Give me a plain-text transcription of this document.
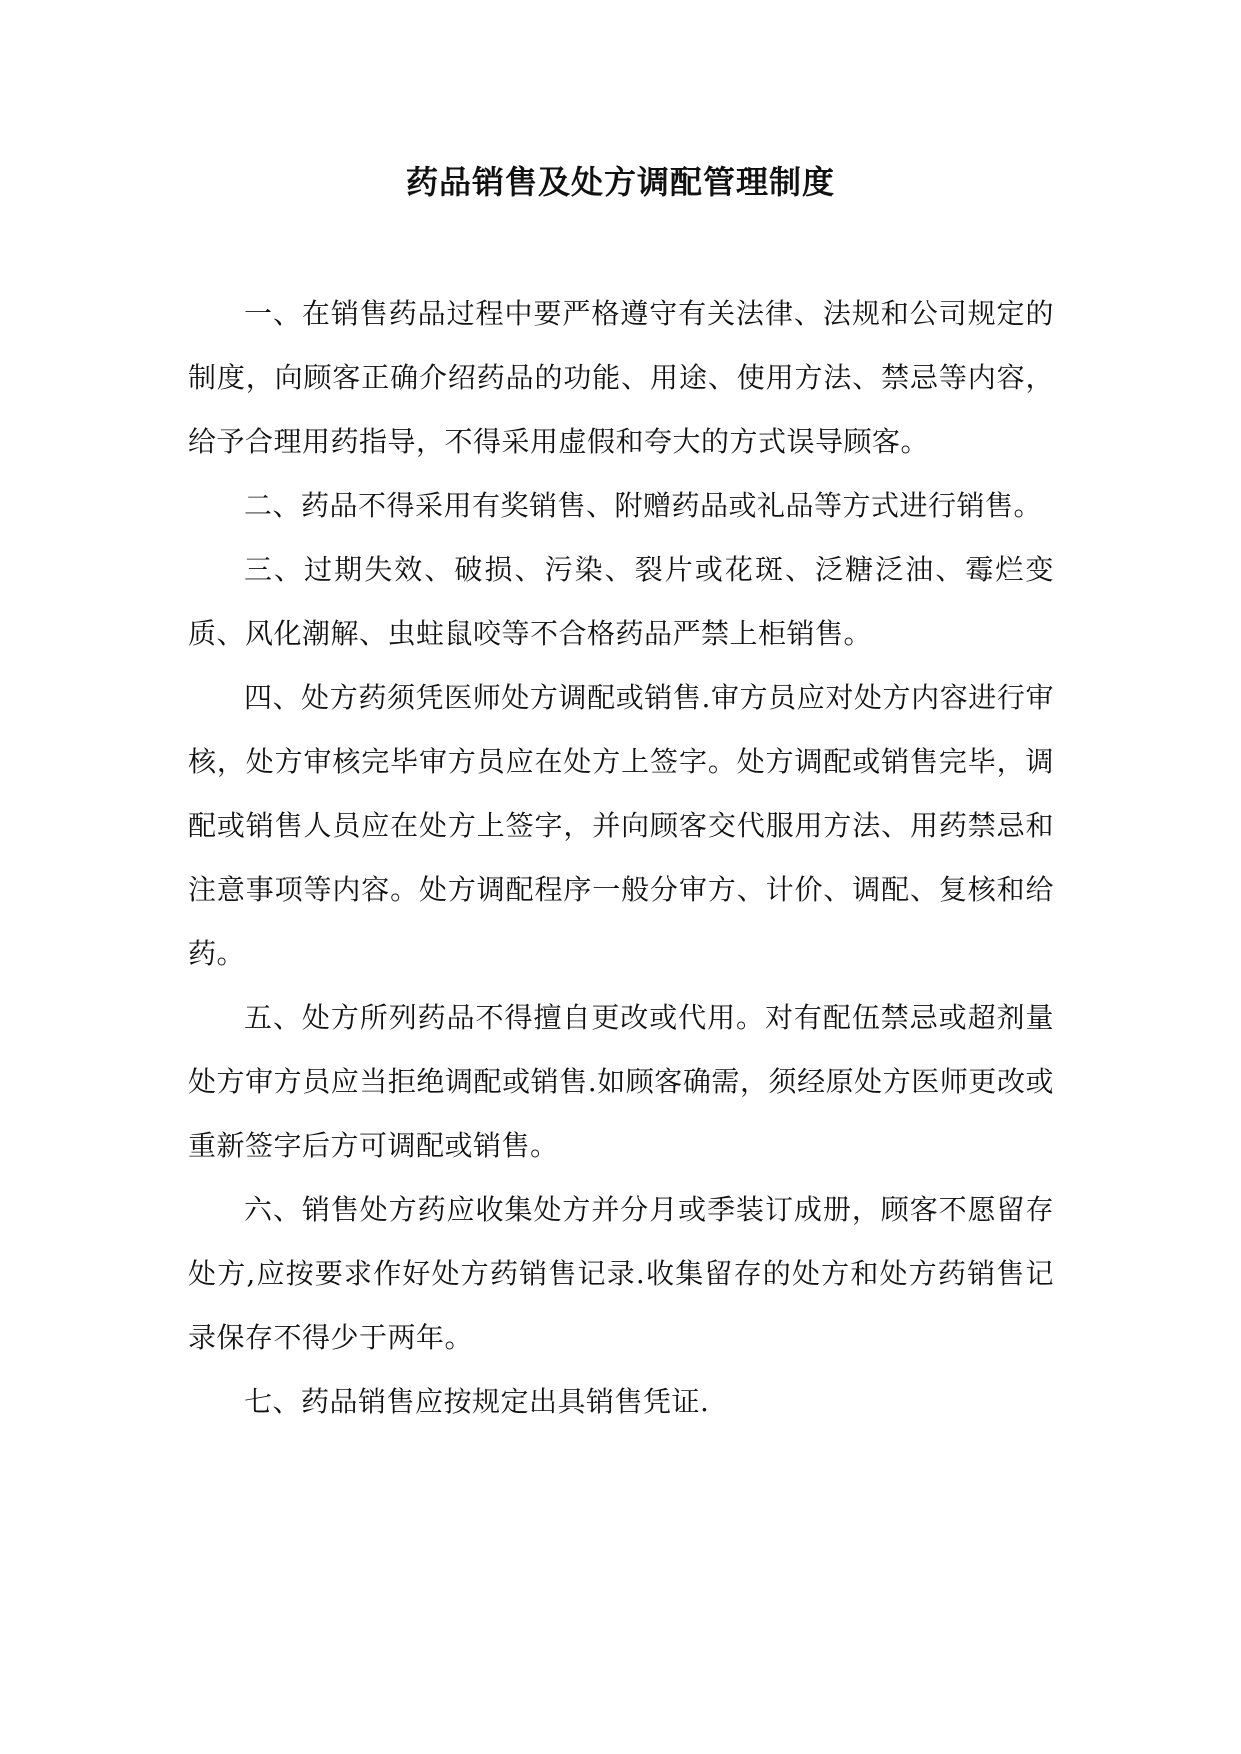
药品销售及处方调配管理制度

一、在销售药品过程中要严格遵守有关法律、法规和公司规定的制度，向顾客正确介绍药品的功能、用途、使用方法、禁忌等内容，给予合理用药指导，不得采用虚假和夸大的方式误导顾客。

二、药品不得采用有奖销售、附赠药品或礼品等方式进行销售。

三、过期失效、破损、污染、裂片或花斑、泛糖泛油、霉烂变质、风化潮解、虫蛀鼠咬等不合格药品严禁上柜销售。

四、处方药须凭医师处方调配或销售.审方员应对处方内容进行审核，处方审核完毕审方员应在处方上签字。处方调配或销售完毕，调配或销售人员应在处方上签字，并向顾客交代服用方法、用药禁忌和注意事项等内容。处方调配程序一般分审方、计价、调配、复核和给药。

五、处方所列药品不得擅自更改或代用。对有配伍禁忌或超剂量处方审方员应当拒绝调配或销售.如顾客确需，须经原处方医师更改或重新签字后方可调配或销售。

六、销售处方药应收集处方并分月或季装订成册，顾客不愿留存处方,应按要求作好处方药销售记录.收集留存的处方和处方药销售记录保存不得少于两年。

七、药品销售应按规定出具销售凭证.
